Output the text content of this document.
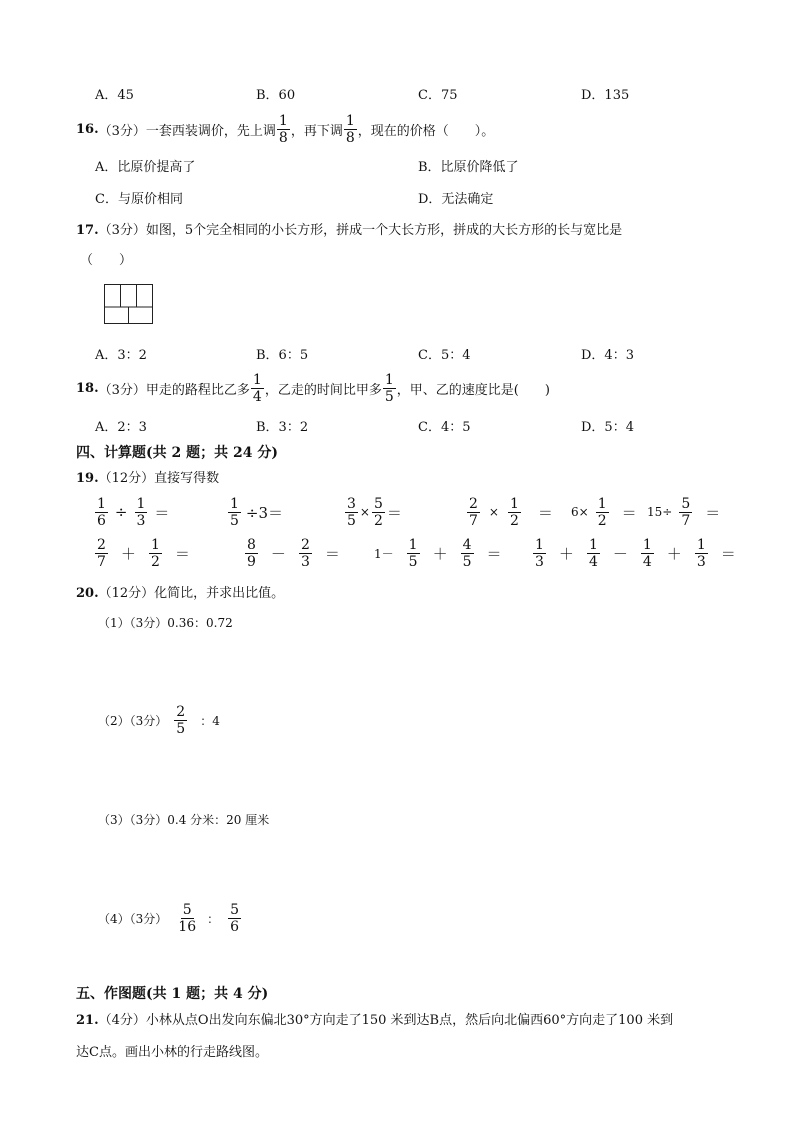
A．45	B．60	C．75	D．135
16. （3分） 一套西装调价，先上调 $\frac{1}{8}$ ，再下调 $\frac{1}{8}$ ，现在的价格（　　）。
A．比原价提高了	B．比原价降低了
C．与原价相同	D．无法确定
17.（3分）如图，5个完全相同的小长方形，拼成一个大长方形，拼成的大长方形的长与宽比是
（　　）
A．3：2	B．6：5	C．5：4	D．4：3
18. （3分） 甲走的路程比乙多 $\frac{1}{4}$ ，乙走的时间比甲多 $\frac{1}{5}$ ，甲、乙的速度比是(　　)
A．2：3	B．3：2	C．4：5	D．5：4
四、计算题(共 2 题；共 24 分)
19.（12分）直接写得数
$\frac{1}{6} \div \frac{1}{3}$ ＝	$\frac{1}{5} \div 3=$	$\frac{3}{5} \times \frac{5}{2}$ ＝	$\frac{2}{7} \times \frac{1}{2} = 6\times \frac{1}{2} = 15\div \frac{5}{7}$ ＝
$\frac{2}{7} + \frac{1}{2}$ ＝	$\frac{8}{9} - \frac{2}{3}$ ＝	$1- \frac{1}{5} + \frac{4}{5} = \frac{1}{3} + \frac{1}{4} - \frac{1}{4} + \frac{1}{3}$ ＝
20.（12分）化简比，并求出比值。
（1）（3分）0.36：0.72
（2）（3分） $\frac{2}{5}$ ：4
（3）（3分）0.4 分米：20 厘米
（4）（3分） $\frac{5}{16}$ ： $\frac{5}{6}$
五、作图题(共 1 题；共 4 分)
21.（4分）小林从点O出发向东偏北30°方向走了150 米到达B点，然后向北偏西60°方向走了100 米到
达C点。画出小林的行走路线图。
